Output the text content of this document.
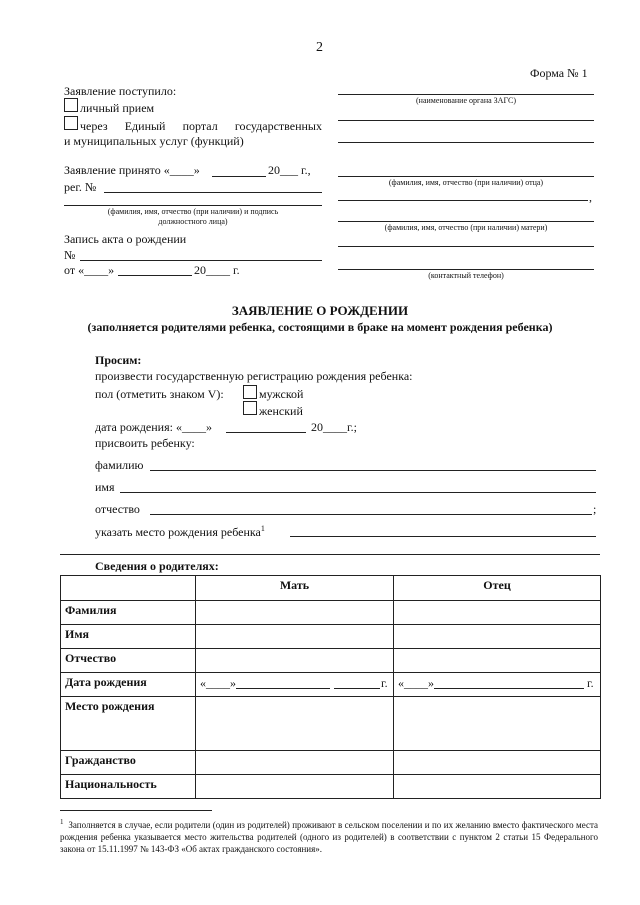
2
Форма № 1
Заявление поступило:
личный прием
через Единый портал государственных
и муниципальных услуг (функций)
Заявление принято «____»	20___ г.,
рег. №
(фамилия, имя, отчество (при наличии) и подпись
должностного лица)
Запись акта о рождении
№
от «____»	20____ г.
(наименование органа ЗАГС)
(фамилия, имя, отчество (при наличии) отца)
,
(фамилия, имя, отчество (при наличии) матери)
(контактный телефон)
ЗАЯВЛЕНИЕ О РОЖДЕНИИ
(заполняется родителями ребенка, состоящими в браке на момент рождения ребенка)
Просим:
произвести государственную регистрацию рождения ребенка:
пол (отметить знаком V):	мужской
женский
дата рождения: «____»	20____г.;
присвоить ребенку:
фамилию
имя
отчество	;
указать место рождения ребенка$^1$
Сведения о родителях:
	Мать	Отец
Фамилия		
Имя		
Отчество		
Дата рождения	«____» г.	«____» г.

Место рождения		
Гражданство		
Национальность		
$^1$ Заполняется в случае, если родители (один из родителей) проживают в сельском поселении и по их желанию вместо фактического места рождения ребенка указывается место жительства родителей (одного из родителей) в соответствии с пунктом 2 статьи 15 Федерального закона от 15.11.1997 № 143-ФЗ «Об актах гражданского состояния».
